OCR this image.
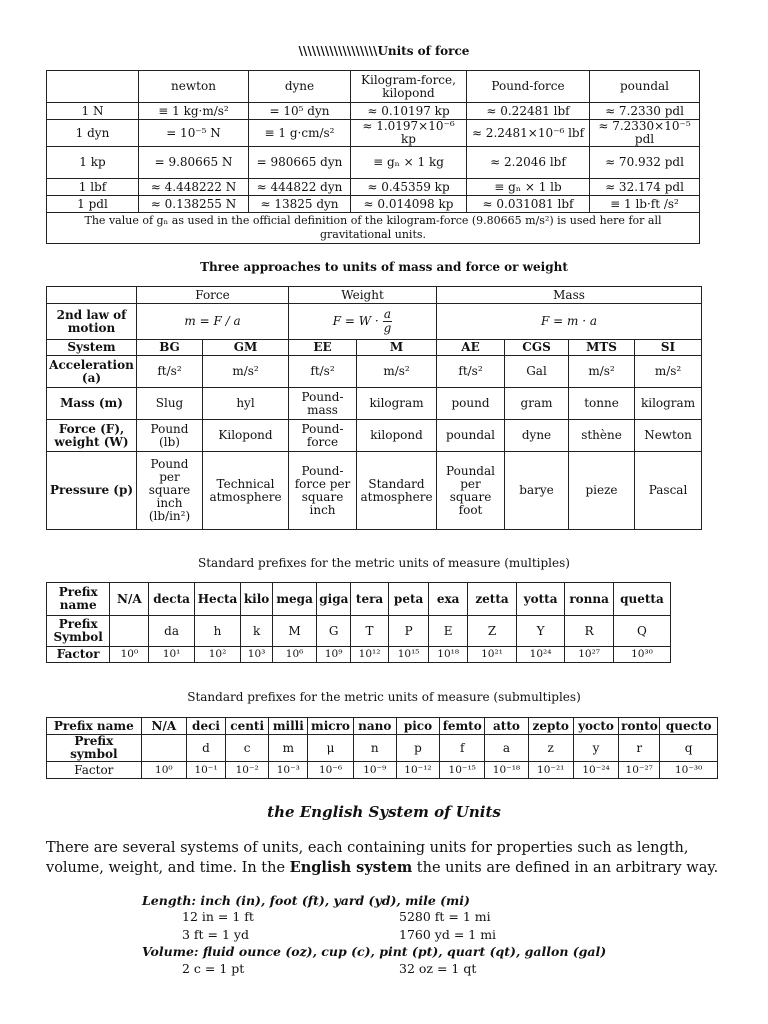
\\\\\\\\\\\\\\\\\\Units of force
	newton	dyne	Kilogram-force, kilopond	Pound-force	poundal
1 N	≡ 1 kg·m/s²	= 10⁵ dyn	≈ 0.10197 kp	≈ 0.22481 lbf	≈ 7.2330 pdl
1 dyn	= 10⁻⁵ N	≡ 1 g·cm/s²	≈ 1.0197×10⁻⁶ kp	≈ 2.2481×10⁻⁶ lbf	≈ 7.2330×10⁻⁵ pdl
1 kp	= 9.80665 N	= 980665 dyn	≡ gₙ × 1 kg	≈ 2.2046 lbf	≈ 70.932 pdl
1 lbf	≈ 4.448222 N	≈ 444822 dyn	≈ 0.45359 kp	≡ gₙ × 1 lb	≈ 32.174 pdl
1 pdl	≈ 0.138255 N	≈ 13825 dyn	≈ 0.014098 kp	≈ 0.031081 lbf	≡ 1 lb·ft /s²
The value of gₙ as used in the official definition of the kilogram-force (9.80665 m/s²) is used here for all gravitational units.					
Three approaches to units of mass and force or weight
	Force		Weight		Mass			
2nd law of motion	m = F / a		$F = W \cdot \frac{a}{g}$		F = m · a			
System	BG	GM	EE	M	AE	CGS	MTS	SI
Acceleration (a)	ft/s²	m/s²	ft/s²	m/s²	ft/s²	Gal	m/s²	m/s²
Mass (m)	Slug	hyl	Pound-mass	kilogram	pound	gram	tonne	kilogram
Force (F), weight (W)	Pound (lb)	Kilopond	Pound-force	kilopond	poundal	dyne	sthène	Newton
Pressure (p)	Pound per square inch (lb/in²)	Technical atmosphere	Pound-force per square inch	Standard atmosphere	Poundal per square foot	barye	pieze	Pascal
Standard prefixes for the metric units of measure (multiples)
Prefix name	N/A	decta	Hecta	kilo	mega	giga	tera	peta	exa	zetta	yotta	ronna	quetta
Prefix Symbol		da	h	k	M	G	T	P	E	Z	Y	R	Q
Factor	10⁰	10¹	10²	10³	10⁶	10⁹	10¹²	10¹⁵	10¹⁸	10²¹	10²⁴	10²⁷	10³⁰
Standard prefixes for the metric units of measure (submultiples)
Prefix name	N/A	deci	centi	milli	micro	nano	pico	femto	atto	zepto	yocto	ronto	quecto
Prefix symbol		d	c	m	μ	n	p	f	a	z	y	r	q
Factor	10⁰	10⁻¹	10⁻²	10⁻³	10⁻⁶	10⁻⁹	10⁻¹²	10⁻¹⁵	10⁻¹⁸	10⁻²¹	10⁻²⁴	10⁻²⁷	10⁻³⁰
the English System of Units
There are several systems of units, each containing units for properties such as length, volume, weight, and time. In the English system the units are defined in an arbitrary way.
Length: inch (in), foot (ft), yard (yd), mile (mi)
12 in = 1 ft	5280 ft = 1 mi
3 ft = 1 yd	1760 yd = 1 mi
Volume: fluid ounce (oz), cup (c), pint (pt), quart (qt), gallon (gal)
2 c = 1 pt	32 oz = 1 qt
